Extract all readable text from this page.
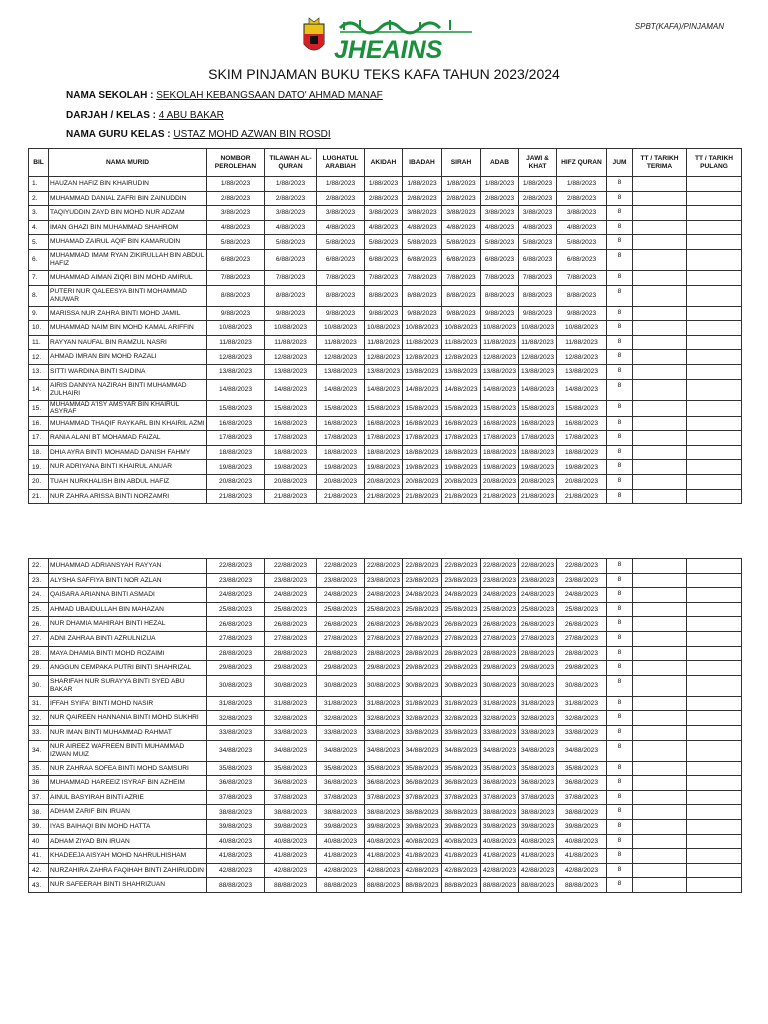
SPBT(KAFA)/PINJAMAN
JHEAINS
SKIM PINJAMAN BUKU TEKS KAFA TAHUN 2023/2024
NAMA SEKOLAH : SEKOLAH KEBANGSAAN DATO' AHMAD MANAF
DARJAH / KELAS : 4 ABU BAKAR
NAMA GURU KELAS : USTAZ MOHD AZWAN BIN ROSDI
BIL	NAMA MURID	NOMBOR PEROLEHAN	TILAWAH AL-QURAN	LUGHATUL ARABIAH	AKIDAH	IBADAH	SIRAH	ADAB	JAWI & KHAT	HIFZ QURAN	JUM	TT / TARIKH TERIMA	TT / TARIKH PULANG
1.	HAUZAN HAFIZ BIN KHAIRUDIN	1/88/2023	1/88/2023	1/88/2023	1/88/2023	1/88/2023	1/88/2023	1/88/2023	1/88/2023	1/88/2023	8		
2.	MUHAMMAD DANIAL ZAFRI BIN ZAINUDDIN	2/88/2023	2/88/2023	2/88/2023	2/88/2023	2/88/2023	2/88/2023	2/88/2023	2/88/2023	2/88/2023	8		
3.	TAQIYUDDIN ZAYD BIN MOHD NUR ADZAM	3/88/2023	3/88/2023	3/88/2023	3/88/2023	3/88/2023	3/88/2023	3/88/2023	3/88/2023	3/88/2023	8		
4.	IMAN GHAZI BIN MUHAMMAD SHAHROM	4/88/2023	4/88/2023	4/88/2023	4/88/2023	4/88/2023	4/88/2023	4/88/2023	4/88/2023	4/88/2023	8		
5.	MUHAMAD ZAIRUL AQIF BIN KAMARUDIN	5/88/2023	5/88/2023	5/88/2023	5/88/2023	5/88/2023	5/88/2023	5/88/2023	5/88/2023	5/88/2023	8		
6.	MUHAMMAD IMAM RYAN ZIKIRULLAH BIN ABDUL HAFIZ	6/88/2023	6/88/2023	6/88/2023	6/88/2023	6/88/2023	6/88/2023	6/88/2023	6/88/2023	6/88/2023	8		
7.	MUHAMMAD AIMAN ZIQRI BIN MOHD AMIRUL	7/88/2023	7/88/2023	7/88/2023	7/88/2023	7/88/2023	7/88/2023	7/88/2023	7/88/2023	7/88/2023	8		
8.	PUTERI NUR QALEESYA BINTI MOHAMMAD ANUWAR	8/88/2023	8/88/2023	8/88/2023	8/88/2023	8/88/2023	8/88/2023	8/88/2023	8/88/2023	8/88/2023	8		
9.	MARISSA NUR ZAHRA BINTI MOHD JAMIL	9/88/2023	9/88/2023	9/88/2023	9/88/2023	9/88/2023	9/88/2023	9/88/2023	9/88/2023	9/88/2023	8		
10.	MUHAMMAD NAIM BIN MOHD KAMAL ARIFFIN	10/88/2023	10/88/2023	10/88/2023	10/88/2023	10/88/2023	10/88/2023	10/88/2023	10/88/2023	10/88/2023	8		
11.	RAYYAN NAUFAL BIN RAMZUL NASRI	11/88/2023	11/88/2023	11/88/2023	11/88/2023	11/88/2023	11/88/2023	11/88/2023	11/88/2023	11/88/2023	8		
12.	AHMAD IMRAN BIN MOHD RAZALI	12/88/2023	12/88/2023	12/88/2023	12/88/2023	12/88/2023	12/88/2023	12/88/2023	12/88/2023	12/88/2023	8		
13.	SITTI WARDINA BINTI SAIDINA	13/88/2023	13/88/2023	13/88/2023	13/88/2023	13/88/2023	13/88/2023	13/88/2023	13/88/2023	13/88/2023	8		
14.	AIRIS DANNYA NAZIRAH BINTI MUHAMMAD ZULHAIRI	14/88/2023	14/88/2023	14/88/2023	14/88/2023	14/88/2023	14/88/2023	14/88/2023	14/88/2023	14/88/2023	8		
15.	MUHAMMAD A'ISY AMSYAR BIN KHAIRUL ASYRAF	15/88/2023	15/88/2023	15/88/2023	15/88/2023	15/88/2023	15/88/2023	15/88/2023	15/88/2023	15/88/2023	8		
16.	MUHAMMAD THAQIF RAYKARL BIN KHAIRIL AZMI	16/88/2023	16/88/2023	16/88/2023	16/88/2023	16/88/2023	16/88/2023	16/88/2023	16/88/2023	16/88/2023	8		
17.	RANIA ALANI BT MOHAMAD FAIZAL	17/88/2023	17/88/2023	17/88/2023	17/88/2023	17/88/2023	17/88/2023	17/88/2023	17/88/2023	17/88/2023	8		
18.	DHIA AYRA BINTI MOHAMAD DANISH FAHMY	18/88/2023	18/88/2023	18/88/2023	18/88/2023	18/88/2023	18/88/2023	18/88/2023	18/88/2023	18/88/2023	8		
19.	NUR ADRIYANA BINTI KHAIRUL ANUAR	19/88/2023	19/88/2023	19/88/2023	19/88/2023	19/88/2023	19/88/2023	19/88/2023	19/88/2023	19/88/2023	8		
20.	TUAH NURKHALISH BIN ABDUL HAFIZ	20/88/2023	20/88/2023	20/88/2023	20/88/2023	20/88/2023	20/88/2023	20/88/2023	20/88/2023	20/88/2023	8		
21.	NUR ZAHRA ARISSA BINTI NORZAMRI	21/88/2023	21/88/2023	21/88/2023	21/88/2023	21/88/2023	21/88/2023	21/88/2023	21/88/2023	21/88/2023	8		
22.	MUHAMMAD ADRIANSYAH RAYYAN	22/88/2023	22/88/2023	22/88/2023	22/88/2023	22/88/2023	22/88/2023	22/88/2023	22/88/2023	22/88/2023	8		
23.	ALYSHA SAFFIYA BINTI NOR AZLAN	23/88/2023	23/88/2023	23/88/2023	23/88/2023	23/88/2023	23/88/2023	23/88/2023	23/88/2023	23/88/2023	8		
24.	QAISARA ARIANNA BINTI ASMADI	24/88/2023	24/88/2023	24/88/2023	24/88/2023	24/88/2023	24/88/2023	24/88/2023	24/88/2023	24/88/2023	8		
25.	AHMAD UBAIDULLAH BIN MAHAZAN	25/88/2023	25/88/2023	25/88/2023	25/88/2023	25/88/2023	25/88/2023	25/88/2023	25/88/2023	25/88/2023	8		
26.	NUR DHAMIA MAHIRAH BINTI HEZAL	26/88/2023	26/88/2023	26/88/2023	26/88/2023	26/88/2023	26/88/2023	26/88/2023	26/88/2023	26/88/2023	8		
27.	ADNI ZAHRAA BINTI AZRULNIZUA	27/88/2023	27/88/2023	27/88/2023	27/88/2023	27/88/2023	27/88/2023	27/88/2023	27/88/2023	27/88/2023	8		
28.	MAYA DHAMIA BINTI MOHD ROZAIMI	28/88/2023	28/88/2023	28/88/2023	28/88/2023	28/88/2023	28/88/2023	28/88/2023	28/88/2023	28/88/2023	8		
29.	ANGGUN CEMPAKA PUTRI BINTI SHAHRIZAL	29/88/2023	29/88/2023	29/88/2023	29/88/2023	29/88/2023	29/88/2023	29/88/2023	29/88/2023	29/88/2023	8		
30.	SHARIFAH NUR SURAYYA BINTI SYED ABU BAKAR	30/88/2023	30/88/2023	30/88/2023	30/88/2023	30/88/2023	30/88/2023	30/88/2023	30/88/2023	30/88/2023	8		
31.	IFFAH SYIFA' BINTI MOHD NASIR	31/88/2023	31/88/2023	31/88/2023	31/88/2023	31/88/2023	31/88/2023	31/88/2023	31/88/2023	31/88/2023	8		
32.	NUR QAIREEN HANNANIA BINTI MOHD SUKHRI	32/88/2023	32/88/2023	32/88/2023	32/88/2023	32/88/2023	32/88/2023	32/88/2023	32/88/2023	32/88/2023	8		
33.	NUR IMAN BINTI MUHAMMAD RAHMAT	33/88/2023	33/88/2023	33/88/2023	33/88/2023	33/88/2023	33/88/2023	33/88/2023	33/88/2023	33/88/2023	8		
34.	NUR AIREEZ WAFREEN BINTI MUHAMMAD IZWAN MUIZ	34/88/2023	34/88/2023	34/88/2023	34/88/2023	34/88/2023	34/88/2023	34/88/2023	34/88/2023	34/88/2023	8		
35.	NUR ZAHRAA SOFEA BINTI MOHD SAMSURI	35/88/2023	35/88/2023	35/88/2023	35/88/2023	35/88/2023	35/88/2023	35/88/2023	35/88/2023	35/88/2023	8		
36	MUHAMMAD HAREEIZ ISYRAF BIN AZHEIM	36/88/2023	36/88/2023	36/88/2023	36/88/2023	36/88/2023	36/88/2023	36/88/2023	36/88/2023	36/88/2023	8		
37.	AINUL BASYIRAH BINTI AZRIE	37/88/2023	37/88/2023	37/88/2023	37/88/2023	37/88/2023	37/88/2023	37/88/2023	37/88/2023	37/88/2023	8		
38.	ADHAM ZARIF BIN IRUAN	38/88/2023	38/88/2023	38/88/2023	38/88/2023	38/88/2023	38/88/2023	38/88/2023	38/88/2023	38/88/2023	8		
39.	IYAS BAIHAQI BIN MOHD HATTA	39/88/2023	39/88/2023	39/88/2023	39/88/2023	39/88/2023	39/88/2023	39/88/2023	39/88/2023	39/88/2023	8		
40	ADHAM ZIYAD BIN IRUAN	40/88/2023	40/88/2023	40/88/2023	40/88/2023	40/88/2023	40/88/2023	40/88/2023	40/88/2023	40/88/2023	8		
41.	KHADEEJA AISYAH MOHD NAHRULHISHAM	41/88/2023	41/88/2023	41/88/2023	41/88/2023	41/88/2023	41/88/2023	41/88/2023	41/88/2023	41/88/2023	8		
42.	NURZAHIRA ZAHRA FAQIHAH BINTI ZAHIRUDDIN	42/88/2023	42/88/2023	42/88/2023	42/88/2023	42/88/2023	42/88/2023	42/88/2023	42/88/2023	42/88/2023	8		
43.	NUR SAFEERAH BINTI SHAHRIZUAN	88/88/2023	88/88/2023	88/88/2023	88/88/2023	88/88/2023	88/88/2023	88/88/2023	88/88/2023	88/88/2023	8		
